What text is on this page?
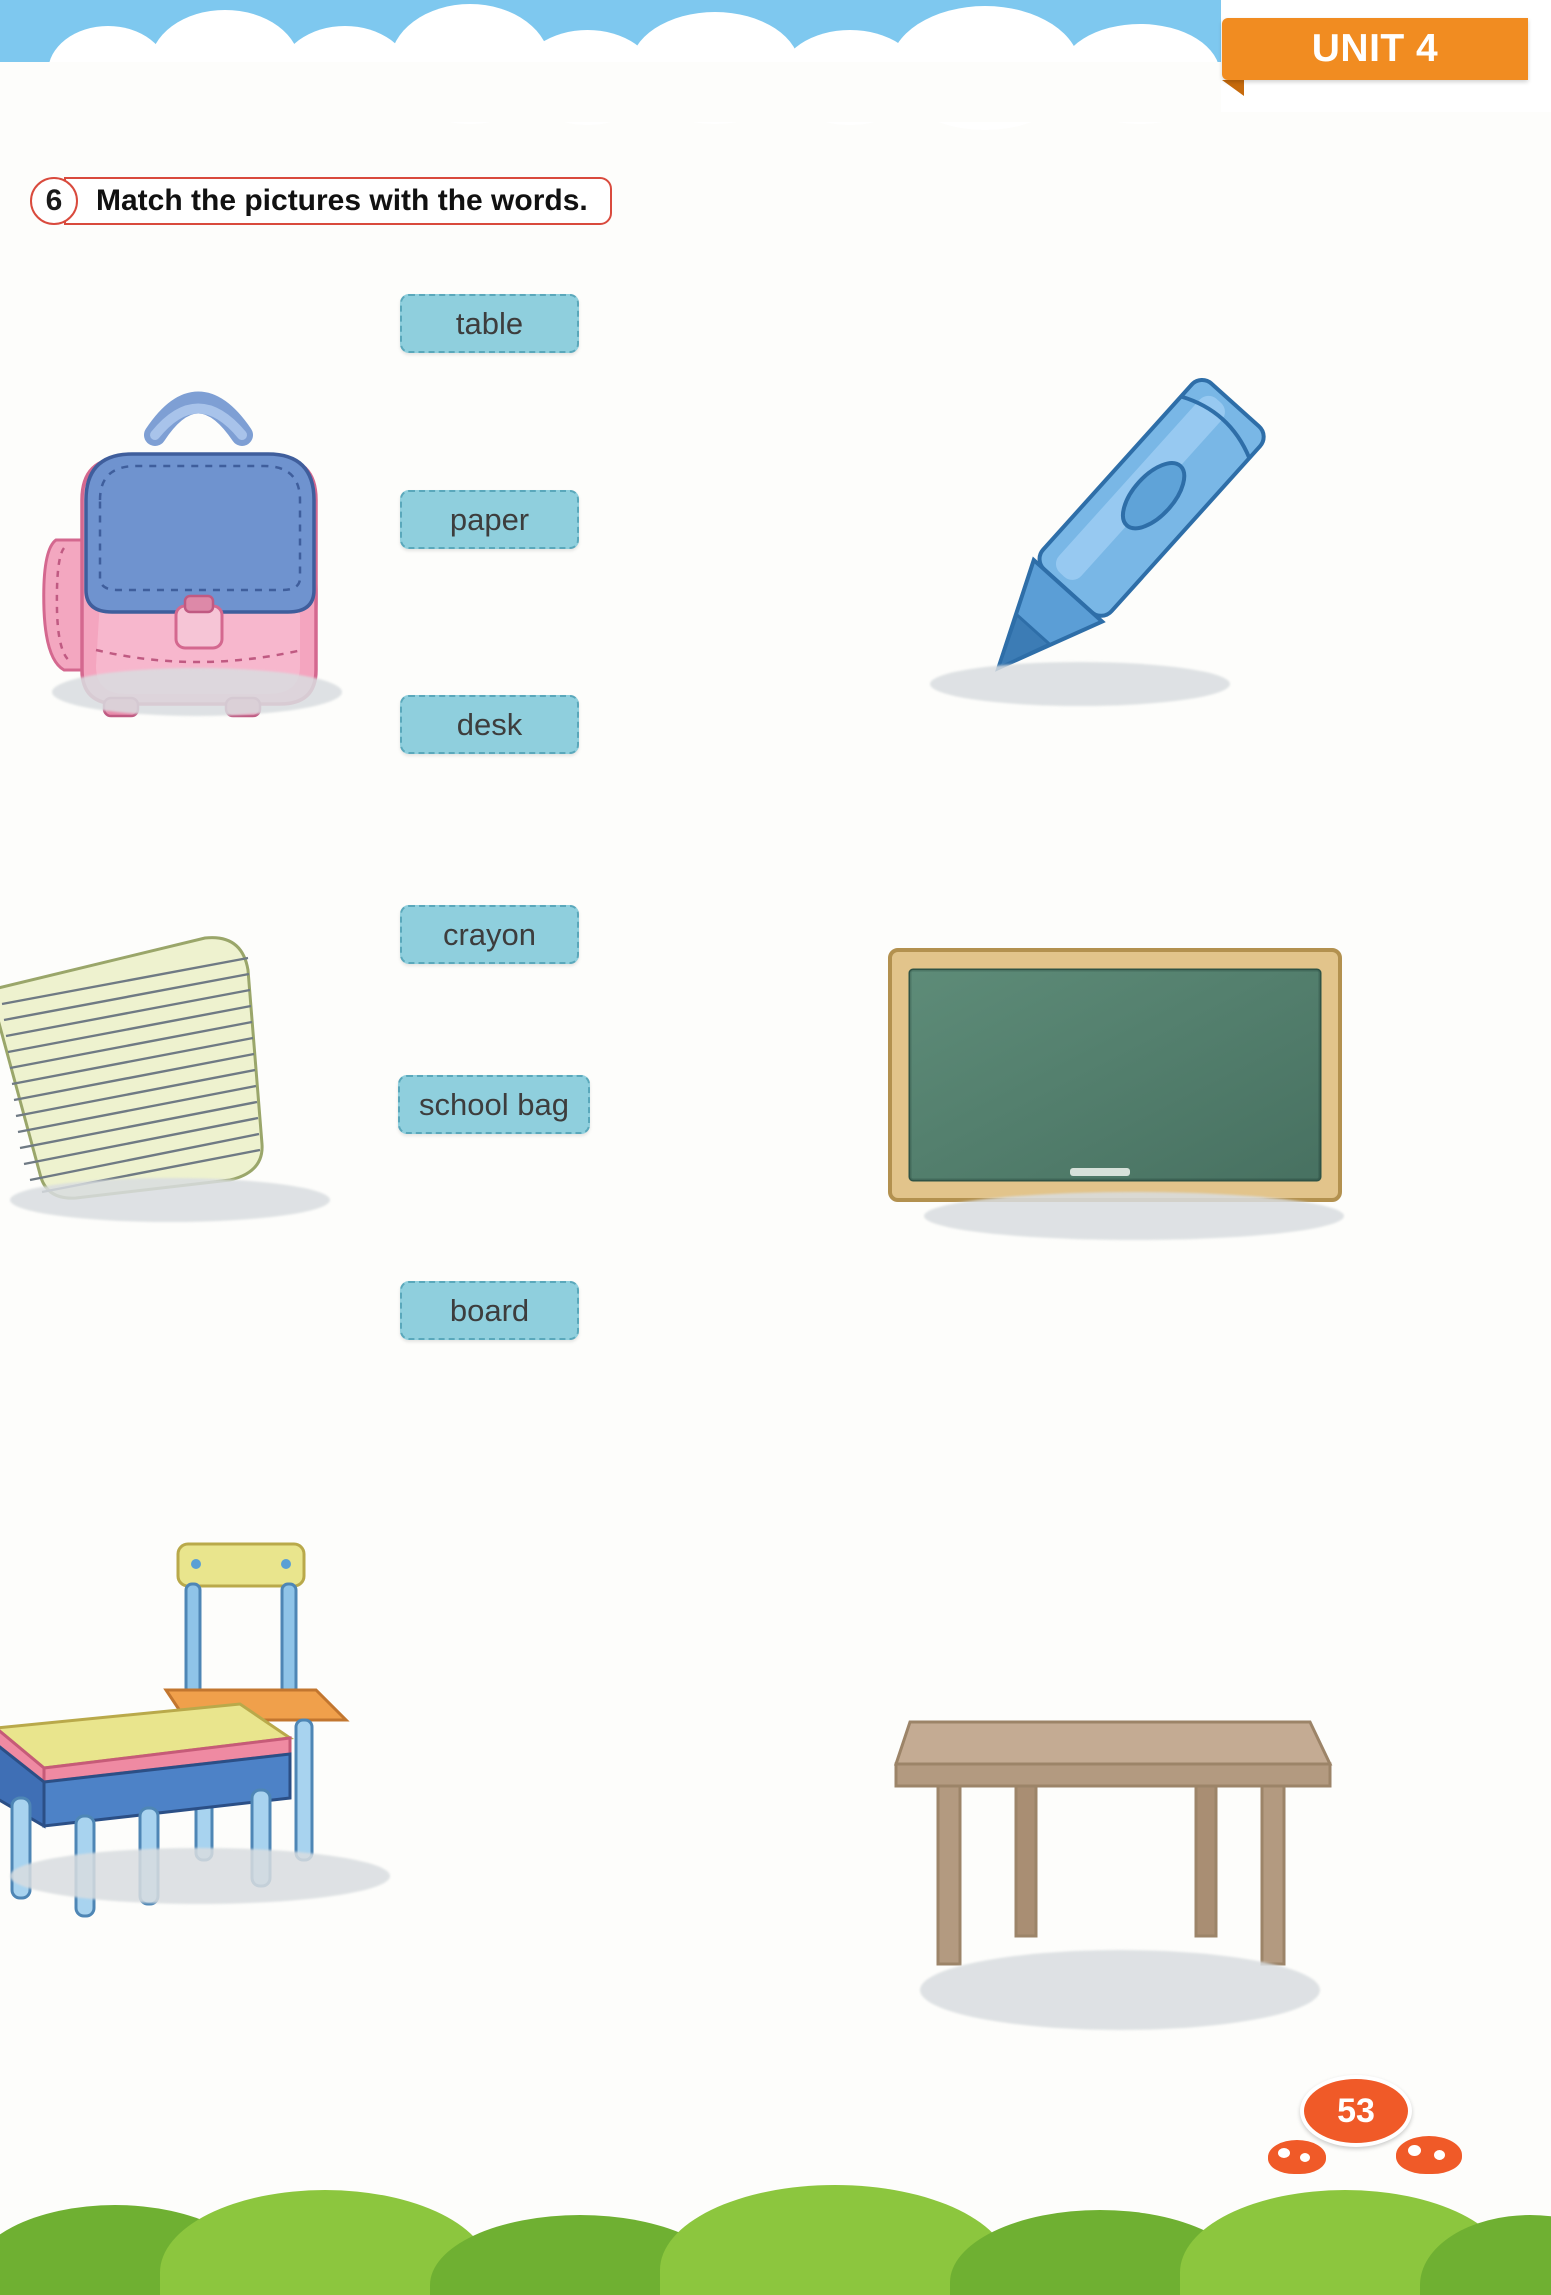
UNIT 4
6	Match the pictures with the words.
table
paper
desk
crayon
school bag
board
53
